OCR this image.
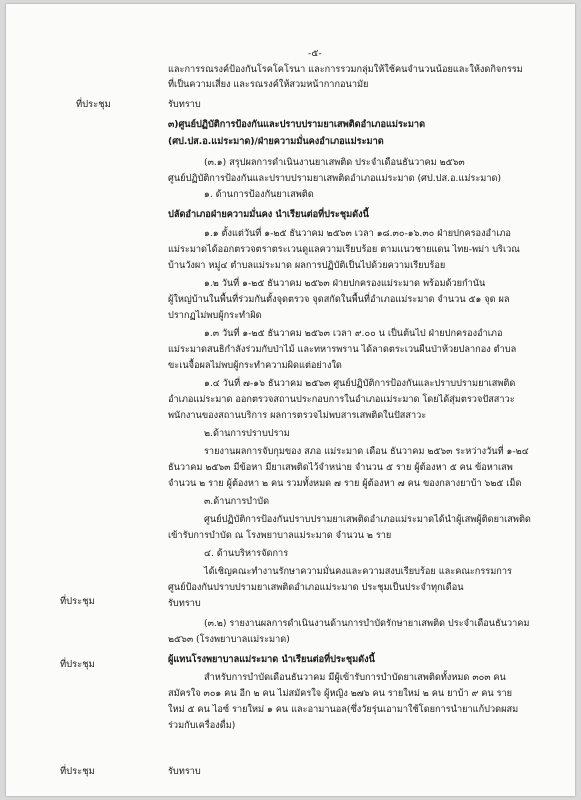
-๕-
ที่ประชุม
ที่ประชุม
ที่ประชุม
ที่ประชุม
และการรณรงค์ป้องกันโรคโคโรนา และการรวมกลุ่มให้ใช้คนจำนวนน้อยและให้งดกิจกรรม
ที่เป็นความเสี่ยง และรณรงค์ให้สวมหน้ากากอนามัย
รับทราบ
๓)ศูนย์ปฏิบัติการป้องกันและปราบปรามยาเสพติดอำเภอแม่ระมาด
(ศป.ปส.อ.แม่ระมาด)/ฝ่ายความมั่นคงอำเภอแม่ระมาด
(๓.๑) สรุปผลการดำเนินงานยาเสพติด ประจำเดือนธันวาคม ๒๕๖๓
ศูนย์ปฏิบัติการป้องกันและปราบปรามยาเสพติดอำเภอแม่ระมาด (ศป.ปส.อ.แม่ระมาด)
๑. ด้านการป้องกันยาเสพติด
ปลัดอำเภอฝ่ายความมั่นคง นำเรียนต่อที่ประชุมดังนี้
๑.๑ ตั้งแต่วันที่ ๑-๒๕ ธันวาคม ๒๕๖๓ เวลา ๑๘.๓๐-๑๖.๓๐ ฝ่ายปกครองอำเภอ
แม่ระมาดได้ออกตรวจตราตระเวนดูแลความเรียบร้อย ตามแนวชายแดน ไทย-พม่า บริเวณ
บ้านวังผา หมู่๔ ตำบลแม่ระมาด ผลการปฏิบัติเป็นไปด้วยความเรียบร้อย
๑.๒ วันที่ ๑-๒๕ ธันวาคม ๒๕๖๓ ฝ่ายปกครองแม่ระมาด พร้อมด้วยกำนัน
ผู้ใหญ่บ้านในพื้นที่ร่วมกันตั้งจุดตรวจ จุดสกัดในพื้นที่อำเภอแม่ระมาด จำนวน ๕๑ จุด ผล
ปรากฏไม่พบผู้กระทำผิด
๑.๓ วันที่ ๑-๒๕ ธันวาคม ๒๕๖๓ เวลา ๙.๐๐ น เป็นต้นไป ฝ่ายปกครองอำเภอ
แม่ระมาดสนธิกำลังร่วมกับป่าไม้ และทหารพราน ได้ลาดตระเวนผืนป่าห้วยปลากอง ตำบล
ขะเนจื้อผลไม่พบผู้กระทำความผิดแต่อย่างใด
๑.๔ วันที่ ๗-๑๖ ธันวาคม ๒๕๖๓ ศูนย์ปฏิบัติการป้องกันและปราบปรามยาเสพติด
อำเภอแม่ระมาด ออกตรวจสถานประกอบการในอำเภอแม่ระมาด โดยได้สุ่มตรวจปัสสาวะ
พนักงานของสถานบริการ ผลการตรวจไม่พบสารเสพติดในปัสสาวะ
๒.ด้านการปราบปราม
รายงานผลการจับกุมของ สภอ แม่ระมาด เดือน ธันวาคม ๒๕๖๓ ระหว่างวันที่ ๑-๒๔
ธันวาคม ๒๕๖๓ มีข้อหา มียาเสพติดไว้จำหน่าย จำนวน ๕ ราย ผู้ต้องหา ๕ คน ข้อหาเสพ
จำนวน ๒ ราย ผู้ต้องหา ๒ คน รวมทั้งหมด ๗ ราย ผู้ต้องหา ๗ คน ของกลางยาบ้า ๖๒๕ เม็ด
๓.ด้านการบำบัด
ศูนย์ปฏิบัติการป้องกันปราบปรามยาเสพติดอำเภอแม่ระมาดได้นำผู้เสพผู้ติดยาเสพติด
เข้ารับการบำบัด ณ โรงพยาบาลแม่ระมาด จำนวน ๒ ราย
๔. ด้านบริหารจัดการ
ได้เชิญคณะทำงานรักษาความมั่นคงและความสงบเรียบร้อย และคณะกรรมการ
ศูนย์ป้องกันปราบปรามยาเสพติดอำเภอแม่ระมาด ประชุมเป็นประจำทุกเดือน
รับทราบ
(๓.๒) รายงานผลการดำเนินงานด้านการบำบัดรักษายาเสพติด ประจำเดือนธันวาคม
๒๕๖๓ (โรงพยาบาลแม่ระมาด)
ผู้แทนโรงพยาบาลแม่ระมาด นำเรียนต่อที่ประชุมดังนี้
สำหรับการบำบัดเดือนธันวาคม มีผู้เข้ารับการบำบัดยาเสพติดทั้งหมด ๓๐๓ คน
สมัครใจ ๓๐๑ คน อีก ๒ คน ไม่สมัครใจ ผู้หญิง ๒๗๖ คน รายใหม่ ๒ คน ยาบ้า ๙ คน ราย
ใหม่ ๕ คน ไอซ์ รายใหม่ ๑ คน และอามานอล(ซึ่งวัยรุ่นเอามาใช้โดยการนำยาแก้ปวดผสม
ร่วมกับเครื่องดื่ม)
รับทราบ
